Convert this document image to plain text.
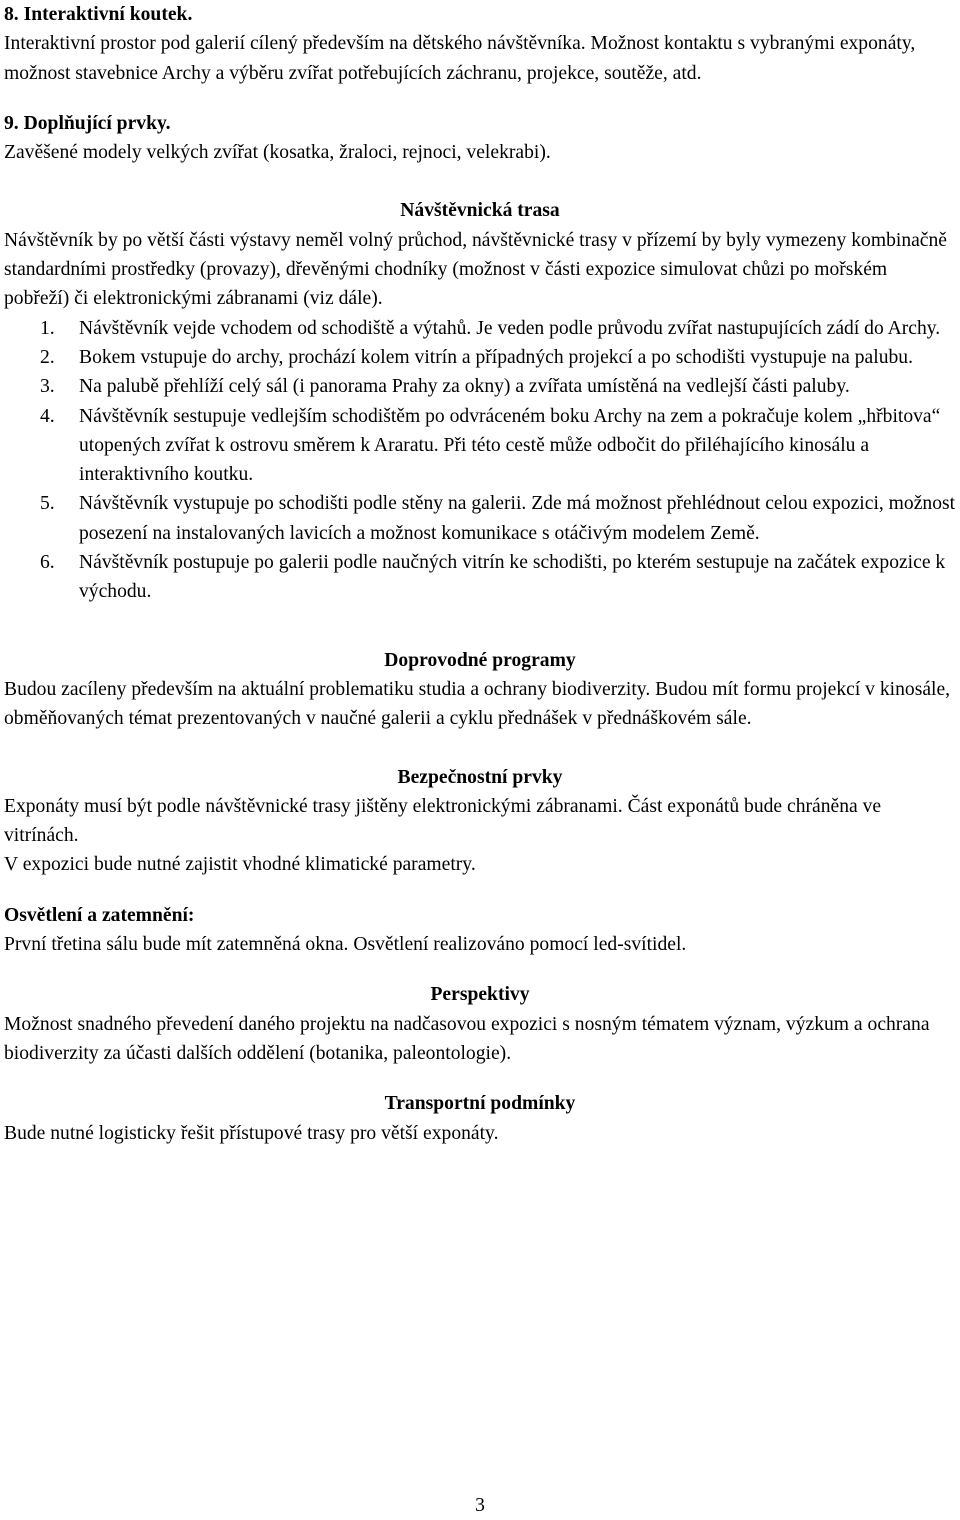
8. Interaktivní koutek.

Interaktivní prostor pod galerií cílený především na dětského návštěvníka. Možnost kontaktu s vybranými exponáty, možnost stavebnice Archy a výběru zvířat potřebujících záchranu, projekce, soutěže, atd.

9. Doplňující prvky.

Zavěšené modely velkých zvířat (kosatka, žraloci, rejnoci, velekrabi).

Návštěvnická trasa

Návštěvník by po větší části výstavy neměl volný průchod, návštěvnické trasy v přízemí by byly vymezeny kombinačně standardními prostředky (provazy), dřevěnými chodníky (možnost v části expozice simulovat chůzi po mořském pobřeží) či elektronickými zábranami (viz dále).

1. Návštěvník vejde vchodem od schodiště a výtahů. Je veden podle průvodu zvířat nastupujících zádí do Archy.
2. Bokem vstupuje do archy, prochází kolem vitrín a případných projekcí a po schodišti vystupuje na palubu.
3. Na palubě přehlíží celý sál (i panorama Prahy za okny) a zvířata umístěná na vedlejší části paluby.
4. Návštěvník sestupuje vedlejším schodištěm po odvráceném boku Archy na zem a pokračuje kolem „hřbitova“ utopených zvířat k ostrovu směrem k Araratu. Při této cestě může odbočit do přiléhajícího kinosálu a interaktivního koutku.
5. Návštěvník vystupuje po schodišti podle stěny na galerii. Zde má možnost přehlédnout celou expozici, možnost posezení na instalovaných lavicích a možnost komunikace s otáčivým modelem Země.
6. Návštěvník postupuje po galerii podle naučných vitrín ke schodišti, po kterém sestupuje na začátek expozice k východu.

Doprovodné programy

Budou zacíleny především na aktuální problematiku studia a ochrany biodiverzity. Budou mít formu projekcí v kinosále, obměňovaných témat prezentovaných v naučné galerii a cyklu přednášek v přednáškovém sále.

Bezpečnostní prvky

Exponáty musí být podle návštěvnické trasy jištěny elektronickými zábranami. Část exponátů bude chráněna ve vitrínách.

V expozici bude nutné zajistit vhodné klimatické parametry.

Osvětlení a zatemnění:

První třetina sálu bude mít zatemněná okna. Osvětlení realizováno pomocí led-svítidel.

Perspektivy

Možnost snadného převedení daného projektu na nadčasovou expozici s nosným tématem význam, výzkum a ochrana biodiverzity za účasti dalších oddělení (botanika, paleontologie).

Transportní podmínky

Bude nutné logisticky řešit přístupové trasy pro větší exponáty.

3
